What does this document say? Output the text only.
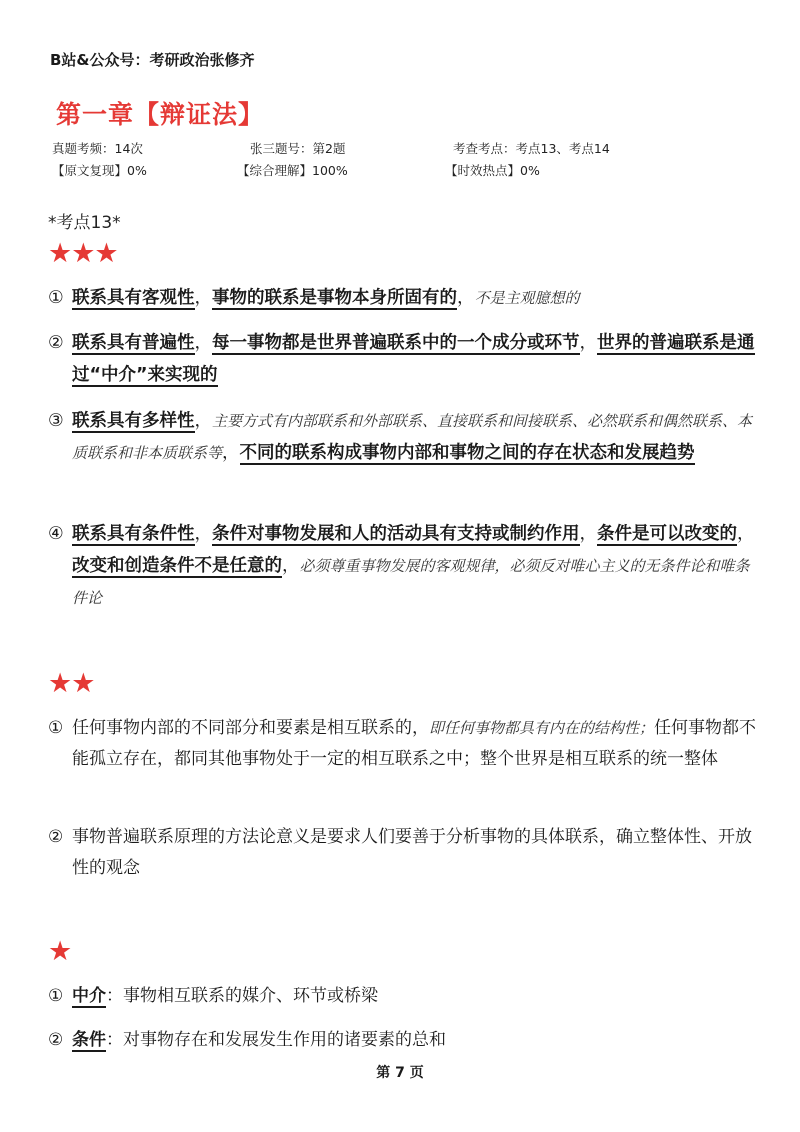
B站&公众号：考研政治张修齐
第一章【辩证法】
真题考频：14次	张三题号：第2题	考查考点：考点13、考点14
【原文复现】0%	【综合理解】100%	【时效热点】0%
*考点13*
★★★
① 联系具有客观性，事物的联系是事物本身所固有的，不是主观臆想的
② 联系具有普遍性，每一事物都是世界普遍联系中的一个成分或环节，世界的普遍联系是通过“中介”来实现的
③ 联系具有多样性，主要方式有内部联系和外部联系、直接联系和间接联系、必然联系和偶然联系、本质联系和非本质联系等，不同的联系构成事物内部和事物之间的存在状态和发展趋势
④ 联系具有条件性，条件对事物发展和人的活动具有支持或制约作用，条件是可以改变的，改变和创造条件不是任意的，必须尊重事物发展的客观规律，必须反对唯心主义的无条件论和唯条件论
★★
① 任何事物内部的不同部分和要素是相互联系的，即任何事物都具有内在的结构性；任何事物都不能孤立存在，都同其他事物处于一定的相互联系之中；整个世界是相互联系的统一整体
② 事物普遍联系原理的方法论意义是要求人们要善于分析事物的具体联系，确立整体性、开放性的观念
★
① 中介：事物相互联系的媒介、环节或桥梁
② 条件：对事物存在和发展发生作用的诸要素的总和
第 7 页
